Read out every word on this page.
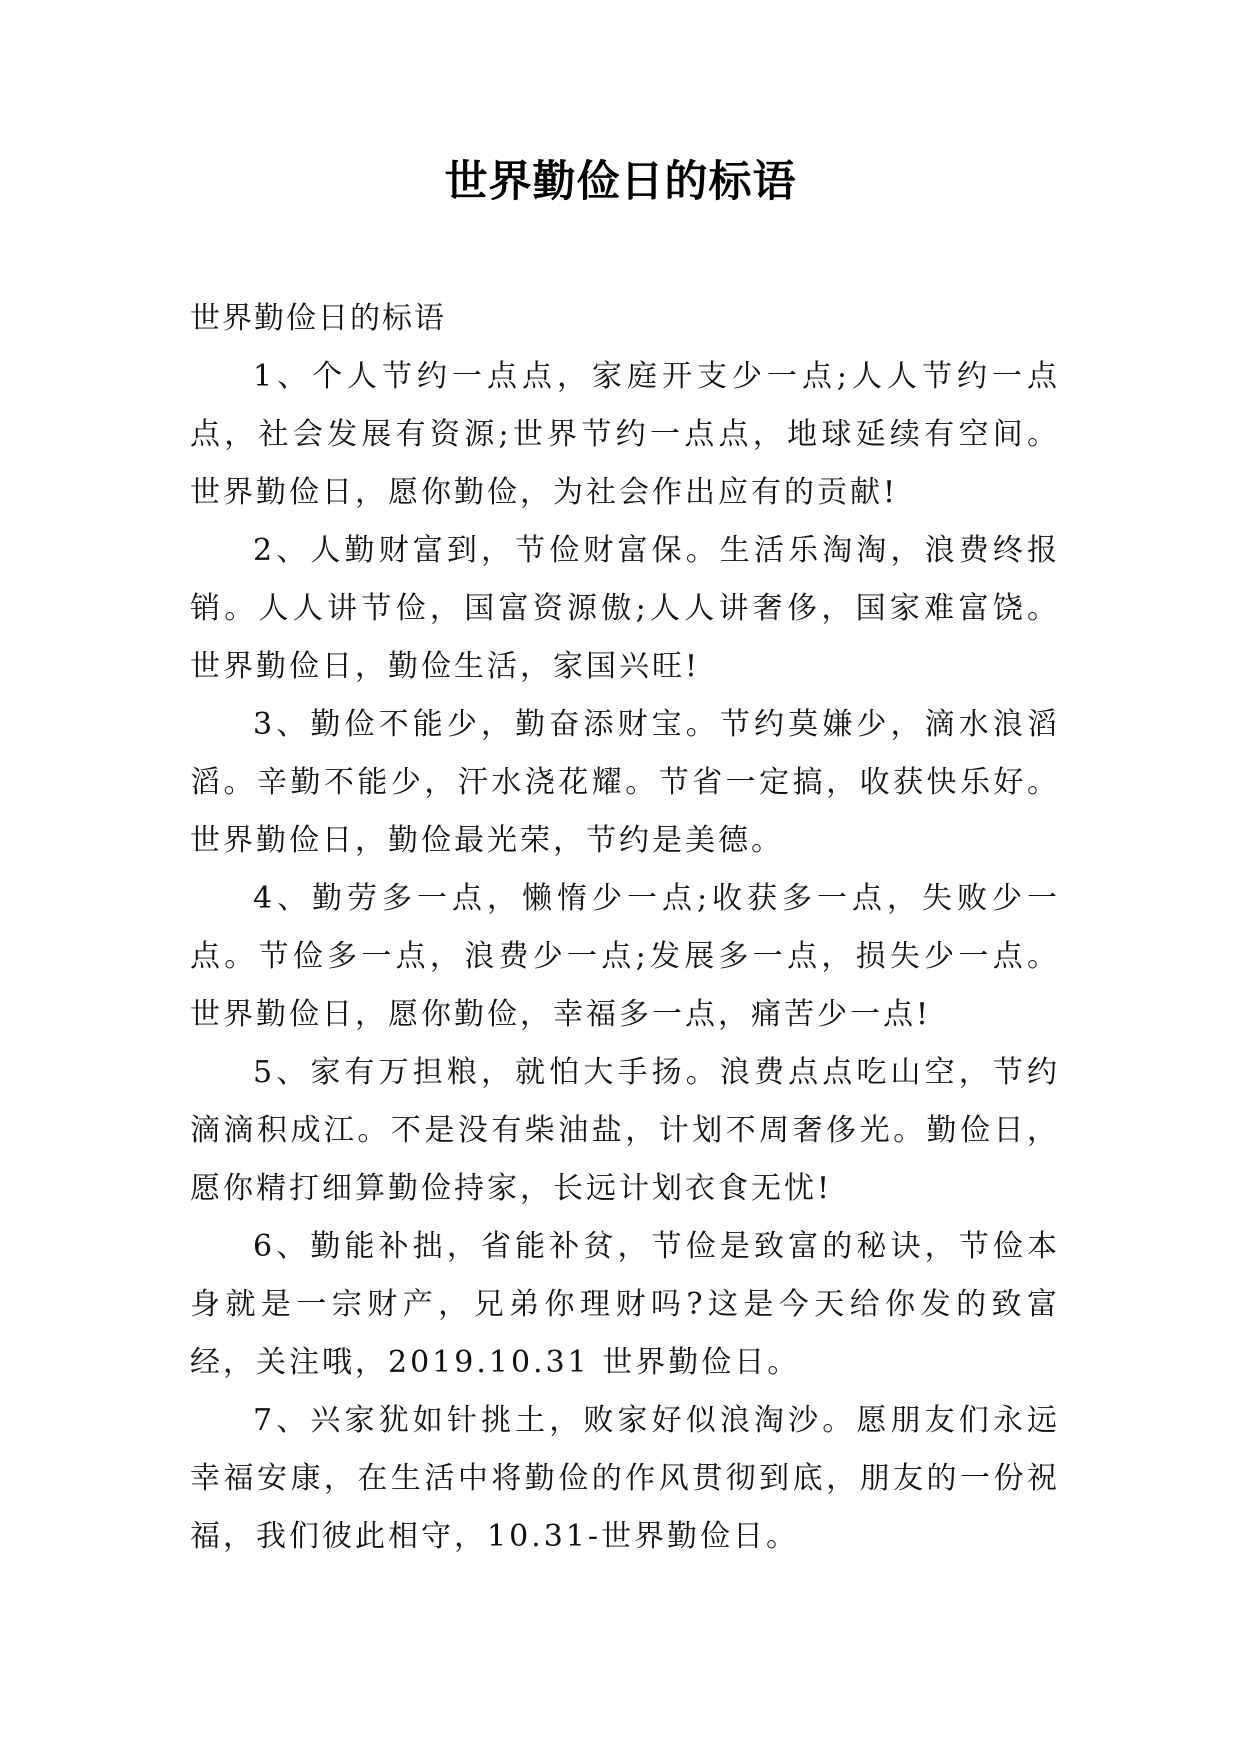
世界勤俭日的标语

世界勤俭日的标语

1、个人节约一点点，家庭开支少一点;人人节约一点点，社会发展有资源;世界节约一点点，地球延续有空间。世界勤俭日，愿你勤俭，为社会作出应有的贡献!

2、人勤财富到，节俭财富保。生活乐淘淘，浪费终报销。人人讲节俭，国富资源傲;人人讲奢侈，国家难富饶。世界勤俭日，勤俭生活，家国兴旺!

3、勤俭不能少，勤奋添财宝。节约莫嫌少，滴水浪滔滔。辛勤不能少，汗水浇花耀。节省一定搞，收获快乐好。世界勤俭日，勤俭最光荣，节约是美德。

4、勤劳多一点，懒惰少一点;收获多一点，失败少一点。节俭多一点，浪费少一点;发展多一点，损失少一点。世界勤俭日，愿你勤俭，幸福多一点，痛苦少一点!

5、家有万担粮，就怕大手扬。浪费点点吃山空，节约滴滴积成江。不是没有柴油盐，计划不周奢侈光。勤俭日，愿你精打细算勤俭持家，长远计划衣食无忧!

6、勤能补拙，省能补贫，节俭是致富的秘诀，节俭本身就是一宗财产，兄弟你理财吗?这是今天给你发的致富经，关注哦，2019.10.31 世界勤俭日。

7、兴家犹如针挑土，败家好似浪淘沙。愿朋友们永远幸福安康，在生活中将勤俭的作风贯彻到底，朋友的一份祝福，我们彼此相守，10.31-世界勤俭日。
